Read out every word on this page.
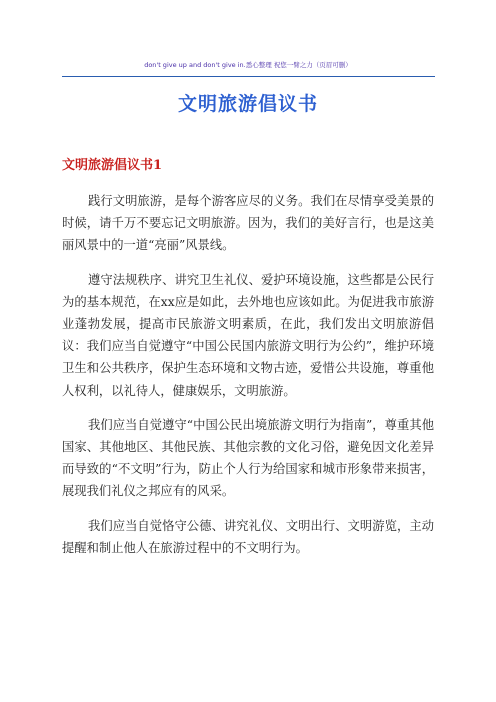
don't give up and don't give in.悉心整理 祝您一臂之力（页眉可删）
文明旅游倡议书
文明旅游倡议书1

践行文明旅游，是每个游客应尽的义务。我们在尽情享受美景的时候，请千万不要忘记文明旅游。因为，我们的美好言行，也是这美丽风景中的一道“亮丽”风景线。

遵守法规秩序、讲究卫生礼仪、爱护环境设施，这些都是公民行为的基本规范，在xx应是如此，去外地也应该如此。为促进我市旅游业蓬勃发展，提高市民旅游文明素质，在此，我们发出文明旅游倡议：我们应当自觉遵守“中国公民国内旅游文明行为公约”，维护环境卫生和公共秩序，保护生态环境和文物古迹，爱惜公共设施，尊重他人权利，以礼待人，健康娱乐，文明旅游。

我们应当自觉遵守“中国公民出境旅游文明行为指南”，尊重其他国家、其他地区、其他民族、其他宗教的文化习俗，避免因文化差异而导致的“不文明”行为，防止个人行为给国家和城市形象带来损害，展现我们礼仪之邦应有的风采。

我们应当自觉恪守公德、讲究礼仪、文明出行、文明游览，主动提醒和制止他人在旅游过程中的不文明行为。
